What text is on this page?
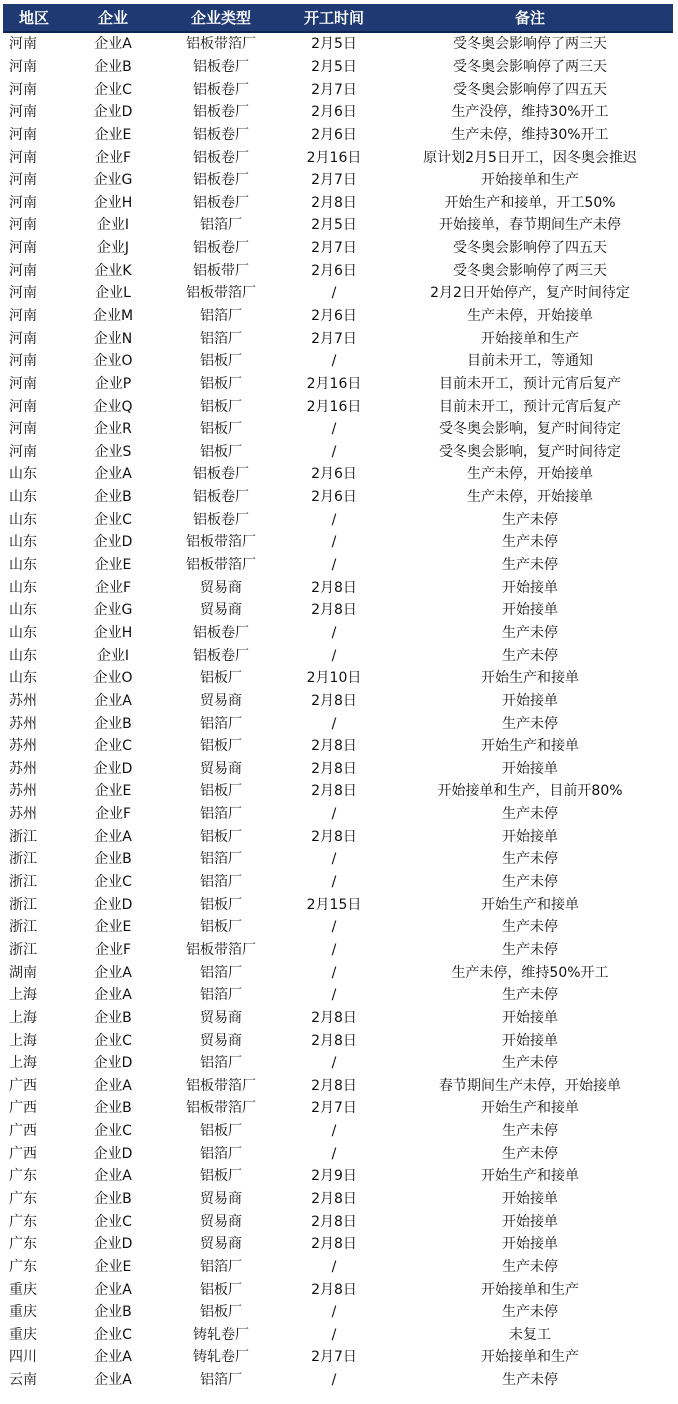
地区	企业	企业类型	开工时间	备注
河南	企业A	铝板带箔厂	2月5日	受冬奥会影响停了两三天
河南	企业B	铝板卷厂	2月5日	受冬奥会影响停了两三天
河南	企业C	铝板卷厂	2月7日	受冬奥会影响停了四五天
河南	企业D	铝板卷厂	2月6日	生产没停，维持30%开工
河南	企业E	铝板卷厂	2月6日	生产未停，维持30%开工
河南	企业F	铝板卷厂	2月16日	原计划2月5日开工，因冬奥会推迟
河南	企业G	铝板卷厂	2月7日	开始接单和生产
河南	企业H	铝板卷厂	2月8日	开始生产和接单，开工50%
河南	企业I	铝箔厂	2月5日	开始接单，春节期间生产未停
河南	企业J	铝板卷厂	2月7日	受冬奥会影响停了四五天
河南	企业K	铝板带厂	2月6日	受冬奥会影响停了两三天
河南	企业L	铝板带箔厂	/	2月2日开始停产，复产时间待定
河南	企业M	铝箔厂	2月6日	生产未停，开始接单
河南	企业N	铝箔厂	2月7日	开始接单和生产
河南	企业O	铝板厂	/	目前未开工，等通知
河南	企业P	铝板厂	2月16日	目前未开工，预计元宵后复产
河南	企业Q	铝板厂	2月16日	目前未开工，预计元宵后复产
河南	企业R	铝板厂	/	受冬奥会影响，复产时间待定
河南	企业S	铝板厂	/	受冬奥会影响，复产时间待定
山东	企业A	铝板卷厂	2月6日	生产未停，开始接单
山东	企业B	铝板卷厂	2月6日	生产未停，开始接单
山东	企业C	铝板卷厂	/	生产未停
山东	企业D	铝板带箔厂	/	生产未停
山东	企业E	铝板带箔厂	/	生产未停
山东	企业F	贸易商	2月8日	开始接单
山东	企业G	贸易商	2月8日	开始接单
山东	企业H	铝板卷厂	/	生产未停
山东	企业I	铝板卷厂	/	生产未停
山东	企业O	铝板厂	2月10日	开始生产和接单
苏州	企业A	贸易商	2月8日	开始接单
苏州	企业B	铝箔厂	/	生产未停
苏州	企业C	铝板厂	2月8日	开始生产和接单
苏州	企业D	贸易商	2月8日	开始接单
苏州	企业E	铝板厂	2月8日	开始接单和生产，目前开80%
苏州	企业F	铝箔厂	/	生产未停
浙江	企业A	铝板厂	2月8日	开始接单
浙江	企业B	铝箔厂	/	生产未停
浙江	企业C	铝箔厂	/	生产未停
浙江	企业D	铝板厂	2月15日	开始生产和接单
浙江	企业E	铝板厂	/	生产未停
浙江	企业F	铝板带箔厂	/	生产未停
湖南	企业A	铝箔厂	/	生产未停，维持50%开工
上海	企业A	铝箔厂	/	生产未停
上海	企业B	贸易商	2月8日	开始接单
上海	企业C	贸易商	2月8日	开始接单
上海	企业D	铝箔厂	/	生产未停
广西	企业A	铝板带箔厂	2月8日	春节期间生产未停，开始接单
广西	企业B	铝板带箔厂	2月7日	开始生产和接单
广西	企业C	铝板厂	/	生产未停
广西	企业D	铝箔厂	/	生产未停
广东	企业A	铝板厂	2月9日	开始生产和接单
广东	企业B	贸易商	2月8日	开始接单
广东	企业C	贸易商	2月8日	开始接单
广东	企业D	贸易商	2月8日	开始接单
广东	企业E	铝箔厂	/	生产未停
重庆	企业A	铝板厂	2月8日	开始接单和生产
重庆	企业B	铝板厂	/	生产未停
重庆	企业C	铸轧卷厂	/	未复工
四川	企业A	铸轧卷厂	2月7日	开始接单和生产
云南	企业A	铝箔厂	/	生产未停
